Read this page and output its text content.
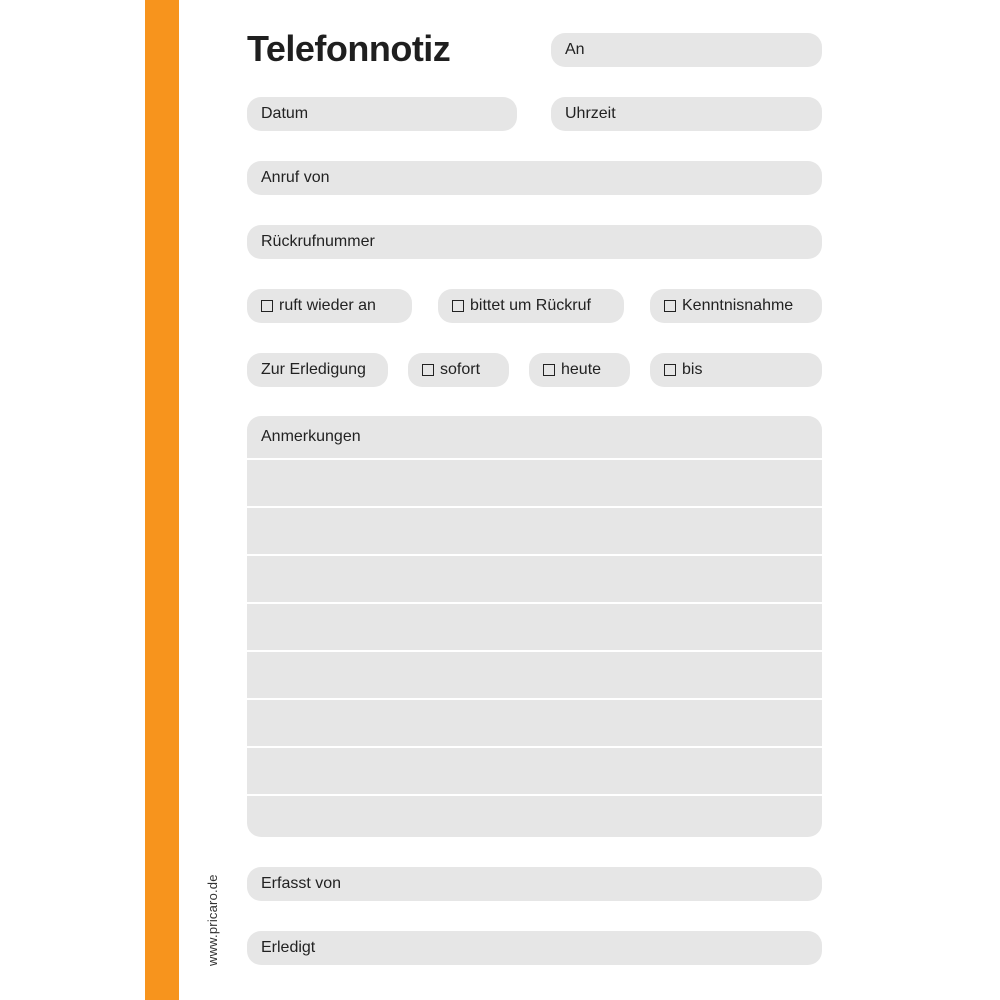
www.pricaro.de
Telefonnotiz	An
Datum	Uhrzeit
Anruf von
Rückrufnummer
ruft wieder an	bittet um Rückruf	Kenntnisnahme
Zur Erledigung	sofort	heute	bis
Anmerkungen
Erfasst von
Erledigt
